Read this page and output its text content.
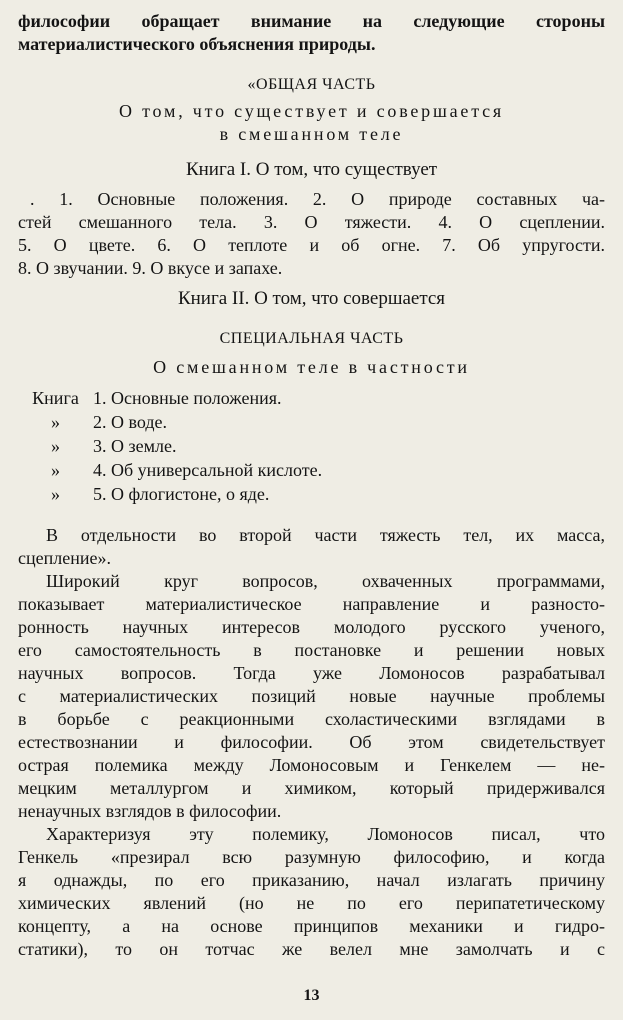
философии обращает внимание на следующие стороны
материалистического объяснения природы.
«ОБЩАЯ ЧАСТЬ
О том, что существует и совершается
в смешанном теле
Книга I. О том, что существует
. 1. Основные положения. 2. О природе составных ча-
стей смешанного тела. 3. О тяжести. 4. О сцеплении.
5. О цвете. 6. О теплоте и об огне. 7. Об упругости.
8. О звучании. 9. О вкусе и запахе.
Книга II. О том, что совершается
СПЕЦИАЛЬНАЯ ЧАСТЬ
О смешанном теле в частности
Книга 1. Основные положения.
»	2. О воде.
»	3. О земле.
»	4. Об универсальной кислоте.
»	5. О флогистоне, о яде.
В отдельности во второй части тяжесть тел, их масса,
сцепление».
Широкий круг вопросов, охваченных программами,
показывает материалистическое направление и разносто-
ронность научных интересов молодого русского ученого,
его самостоятельность в постановке и решении новых
научных вопросов. Тогда уже Ломоносов разрабатывал
с материалистических позиций новые научные проблемы
в борьбе с реакционными схоластическими взглядами в
естествознании и философии. Об этом свидетельствует
острая полемика между Ломоносовым и Генкелем — не-
мецким металлургом и химиком, который придерживался
ненаучных взглядов в философии.
Характеризуя эту полемику, Ломоносов писал, что
Генкель «презирал всю разумную философию, и когда
я однажды, по его приказанию, начал излагать причину
химических явлений (но не по его перипатетическому
концепту, а на основе принципов механики и гидро-
статики), то он тотчас же велел мне замолчать и с
13
